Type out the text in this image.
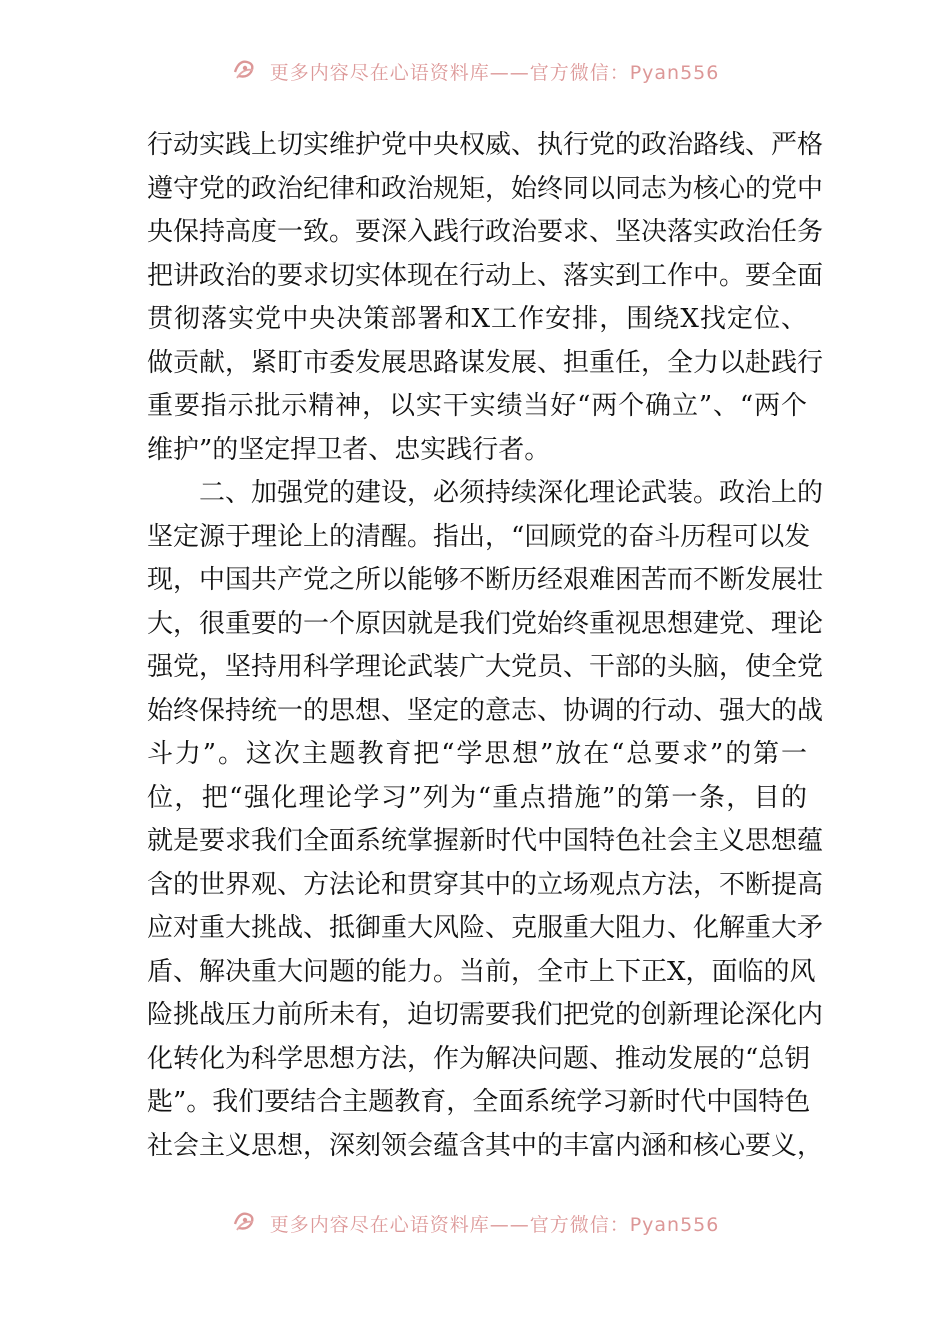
更多内容尽在心语资料库——官方微信：Pyan556
行动实践上切实维护党中央权威、执行党的政治路线、严格
遵守党的政治纪律和政治规矩，始终同以同志为核心的党中
央保持高度一致。要深入践行政治要求、坚决落实政治任务
把讲政治的要求切实体现在行动上、落实到工作中。要全面
贯彻落实党中央决策部署和X工作安排，围绕X找定位、
做贡献，紧盯市委发展思路谋发展、担重任，全力以赴践行
重要指示批示精神，以实干实绩当好“两个确立”、“两个
维护”的坚定捍卫者、忠实践行者。
　　二、加强党的建设，必须持续深化理论武装。政治上的
坚定源于理论上的清醒。指出，“回顾党的奋斗历程可以发
现，中国共产党之所以能够不断历经艰难困苦而不断发展壮
大，很重要的一个原因就是我们党始终重视思想建党、理论
强党，坚持用科学理论武装广大党员、干部的头脑，使全党
始终保持统一的思想、坚定的意志、协调的行动、强大的战
斗力”。这次主题教育把“学思想”放在“总要求”的第一
位，把“强化理论学习”列为“重点措施”的第一条，目的
就是要求我们全面系统掌握新时代中国特色社会主义思想蕴
含的世界观、方法论和贯穿其中的立场观点方法，不断提高
应对重大挑战、抵御重大风险、克服重大阻力、化解重大矛
盾、解决重大问题的能力。当前，全市上下正X，面临的风
险挑战压力前所未有，迫切需要我们把党的创新理论深化内
化转化为科学思想方法，作为解决问题、推动发展的“总钥
匙”。我们要结合主题教育，全面系统学习新时代中国特色
社会主义思想，深刻领会蕴含其中的丰富内涵和核心要义，
更多内容尽在心语资料库——官方微信：Pyan556
